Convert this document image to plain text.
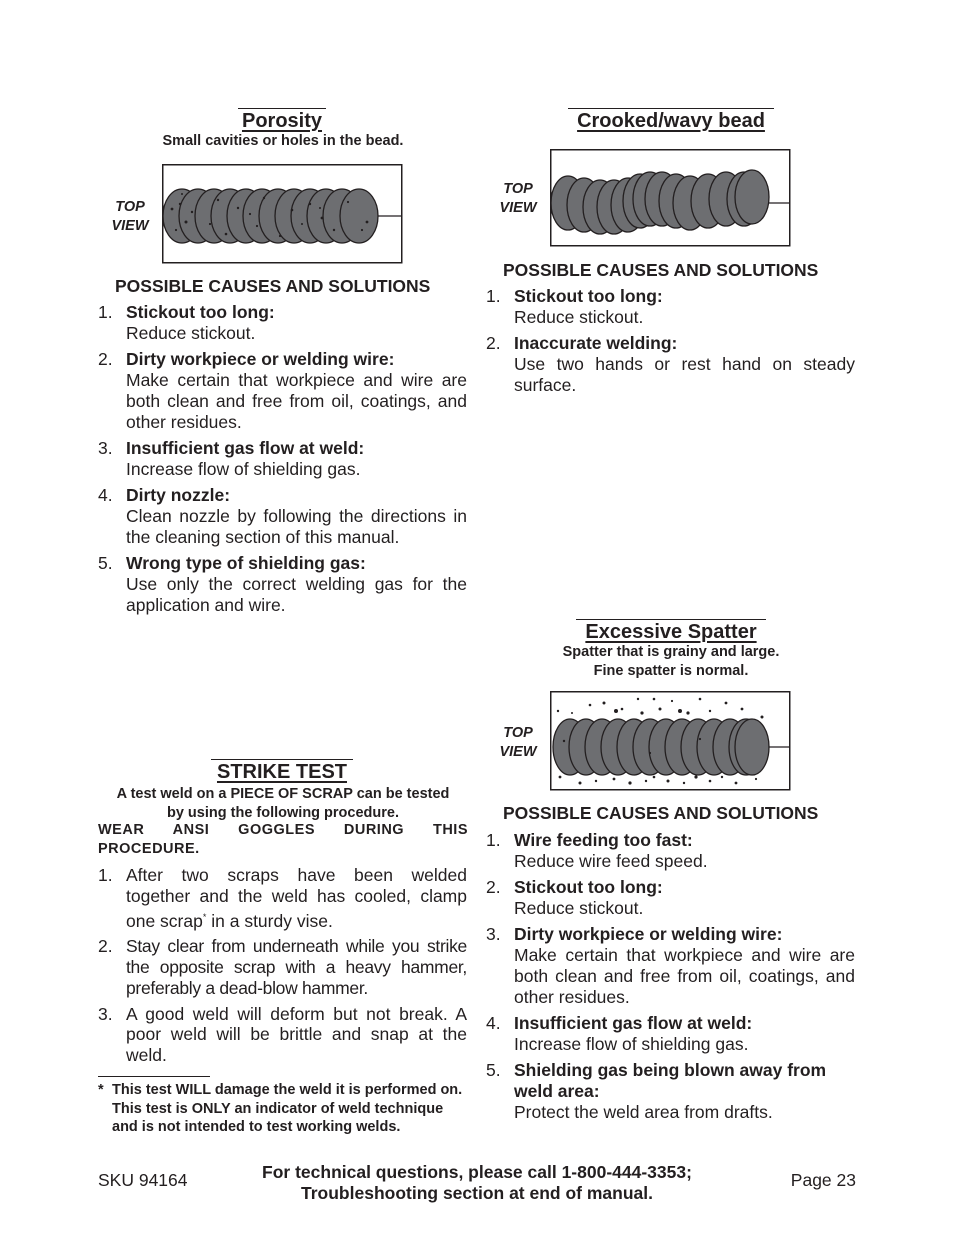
Porosity
Small cavities or holes in the bead.
TOP
VIEW
POSSIBLE CAUSES AND SOLUTIONS
1. Stickout too long:
Reduce stickout.
2. Dirty workpiece or welding wire:
Make certain that workpiece and wire are both clean and free from oil, coatings, and other residues.
3. Insufficient gas flow at weld:
Increase flow of shielding gas.
4. Dirty nozzle:
Clean nozzle by following the directions in the cleaning section of this manual.
5. Wrong type of shielding gas:
Use only the correct welding gas for the application and wire.
Crooked/wavy bead
TOP
VIEW
POSSIBLE CAUSES AND SOLUTIONS
1. Stickout too long:
Reduce stickout.
2. Inaccurate welding:
Use two hands or rest hand on steady surface.
Excessive Spatter
Spatter that is grainy and large.
Fine spatter is normal.
TOP
VIEW
POSSIBLE CAUSES AND SOLUTIONS
1. Wire feeding too fast:
Reduce wire feed speed.
2. Stickout too long:
Reduce stickout.
3. Dirty workpiece or welding wire:
Make certain that workpiece and wire are both clean and free from oil, coatings, and other residues.
4. Insufficient gas flow at weld:
Increase flow of shielding gas.
5. Shielding gas being blown away from weld area:
Protect the weld area from drafts.
STRIKE TEST
A test weld on a PIECE OF SCRAP can be tested
by using the following procedure.
WEAR ANSI GOGGLES DURING THIS PROCEDURE.
1. After two scraps have been welded together and the weld has cooled, clamp one scrap* in a sturdy vise.
2. Stay clear from underneath while you strike the opposite scrap with a heavy hammer, preferably a dead-blow hammer.
3. A good weld will deform but not break. A poor weld will be brittle and snap at the weld.
* This test WILL damage the weld it is performed on. This test is ONLY an indicator of weld technique and is not intended to test working welds.
SKU 94164	For technical questions, please call 1-800-444-3353;
Troubleshooting section at end of manual.
Page 23
